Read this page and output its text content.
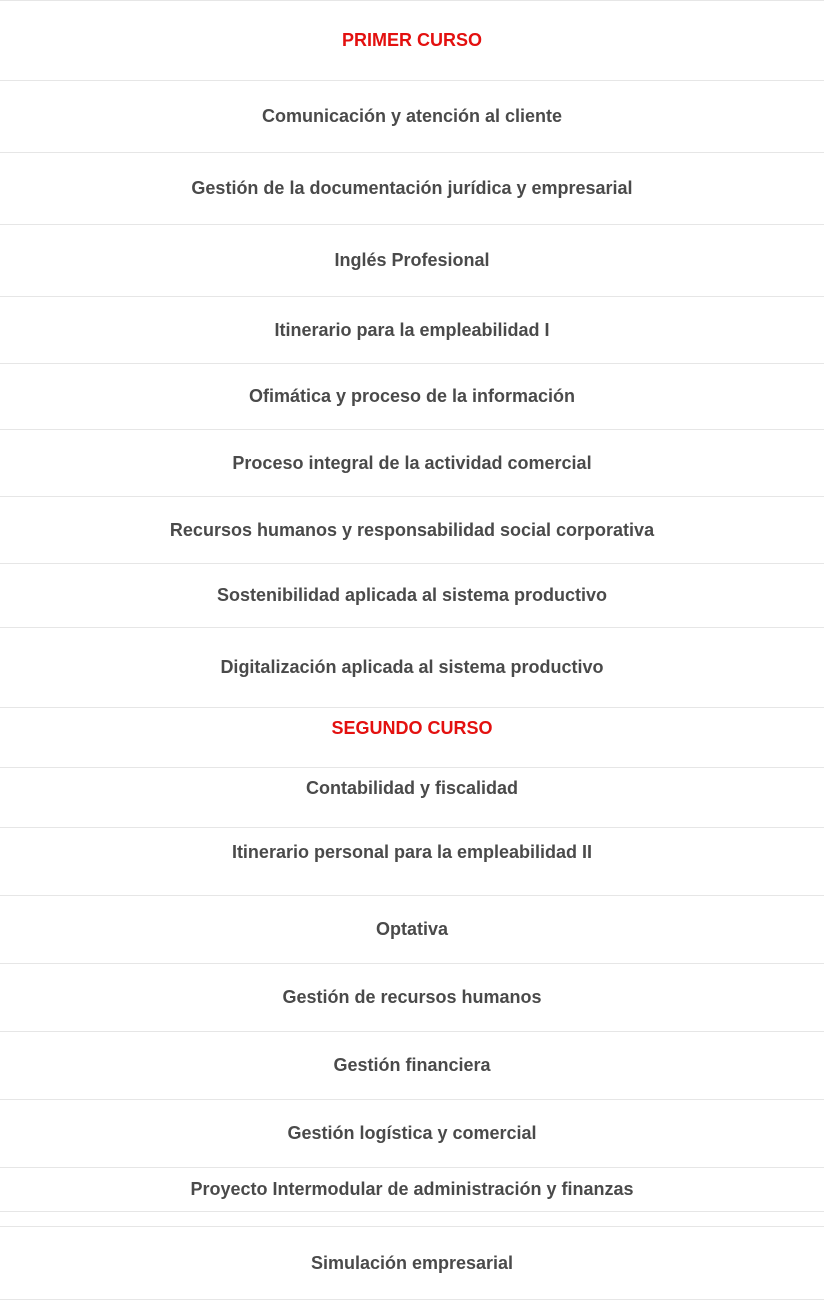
PRIMER CURSO
Comunicación y atención al cliente
Gestión de la documentación jurídica y empresarial
Inglés Profesional
Itinerario para la empleabilidad I
Ofimática y proceso de la información
Proceso integral de la actividad comercial
Recursos humanos y responsabilidad social corporativa
Sostenibilidad aplicada al sistema productivo
Digitalización aplicada al sistema productivo
SEGUNDO CURSO
Contabilidad y fiscalidad
Itinerario personal para la empleabilidad II
Optativa
Gestión de recursos humanos
Gestión financiera
Gestión logística y comercial
Proyecto Intermodular de administración y finanzas
Simulación empresarial
